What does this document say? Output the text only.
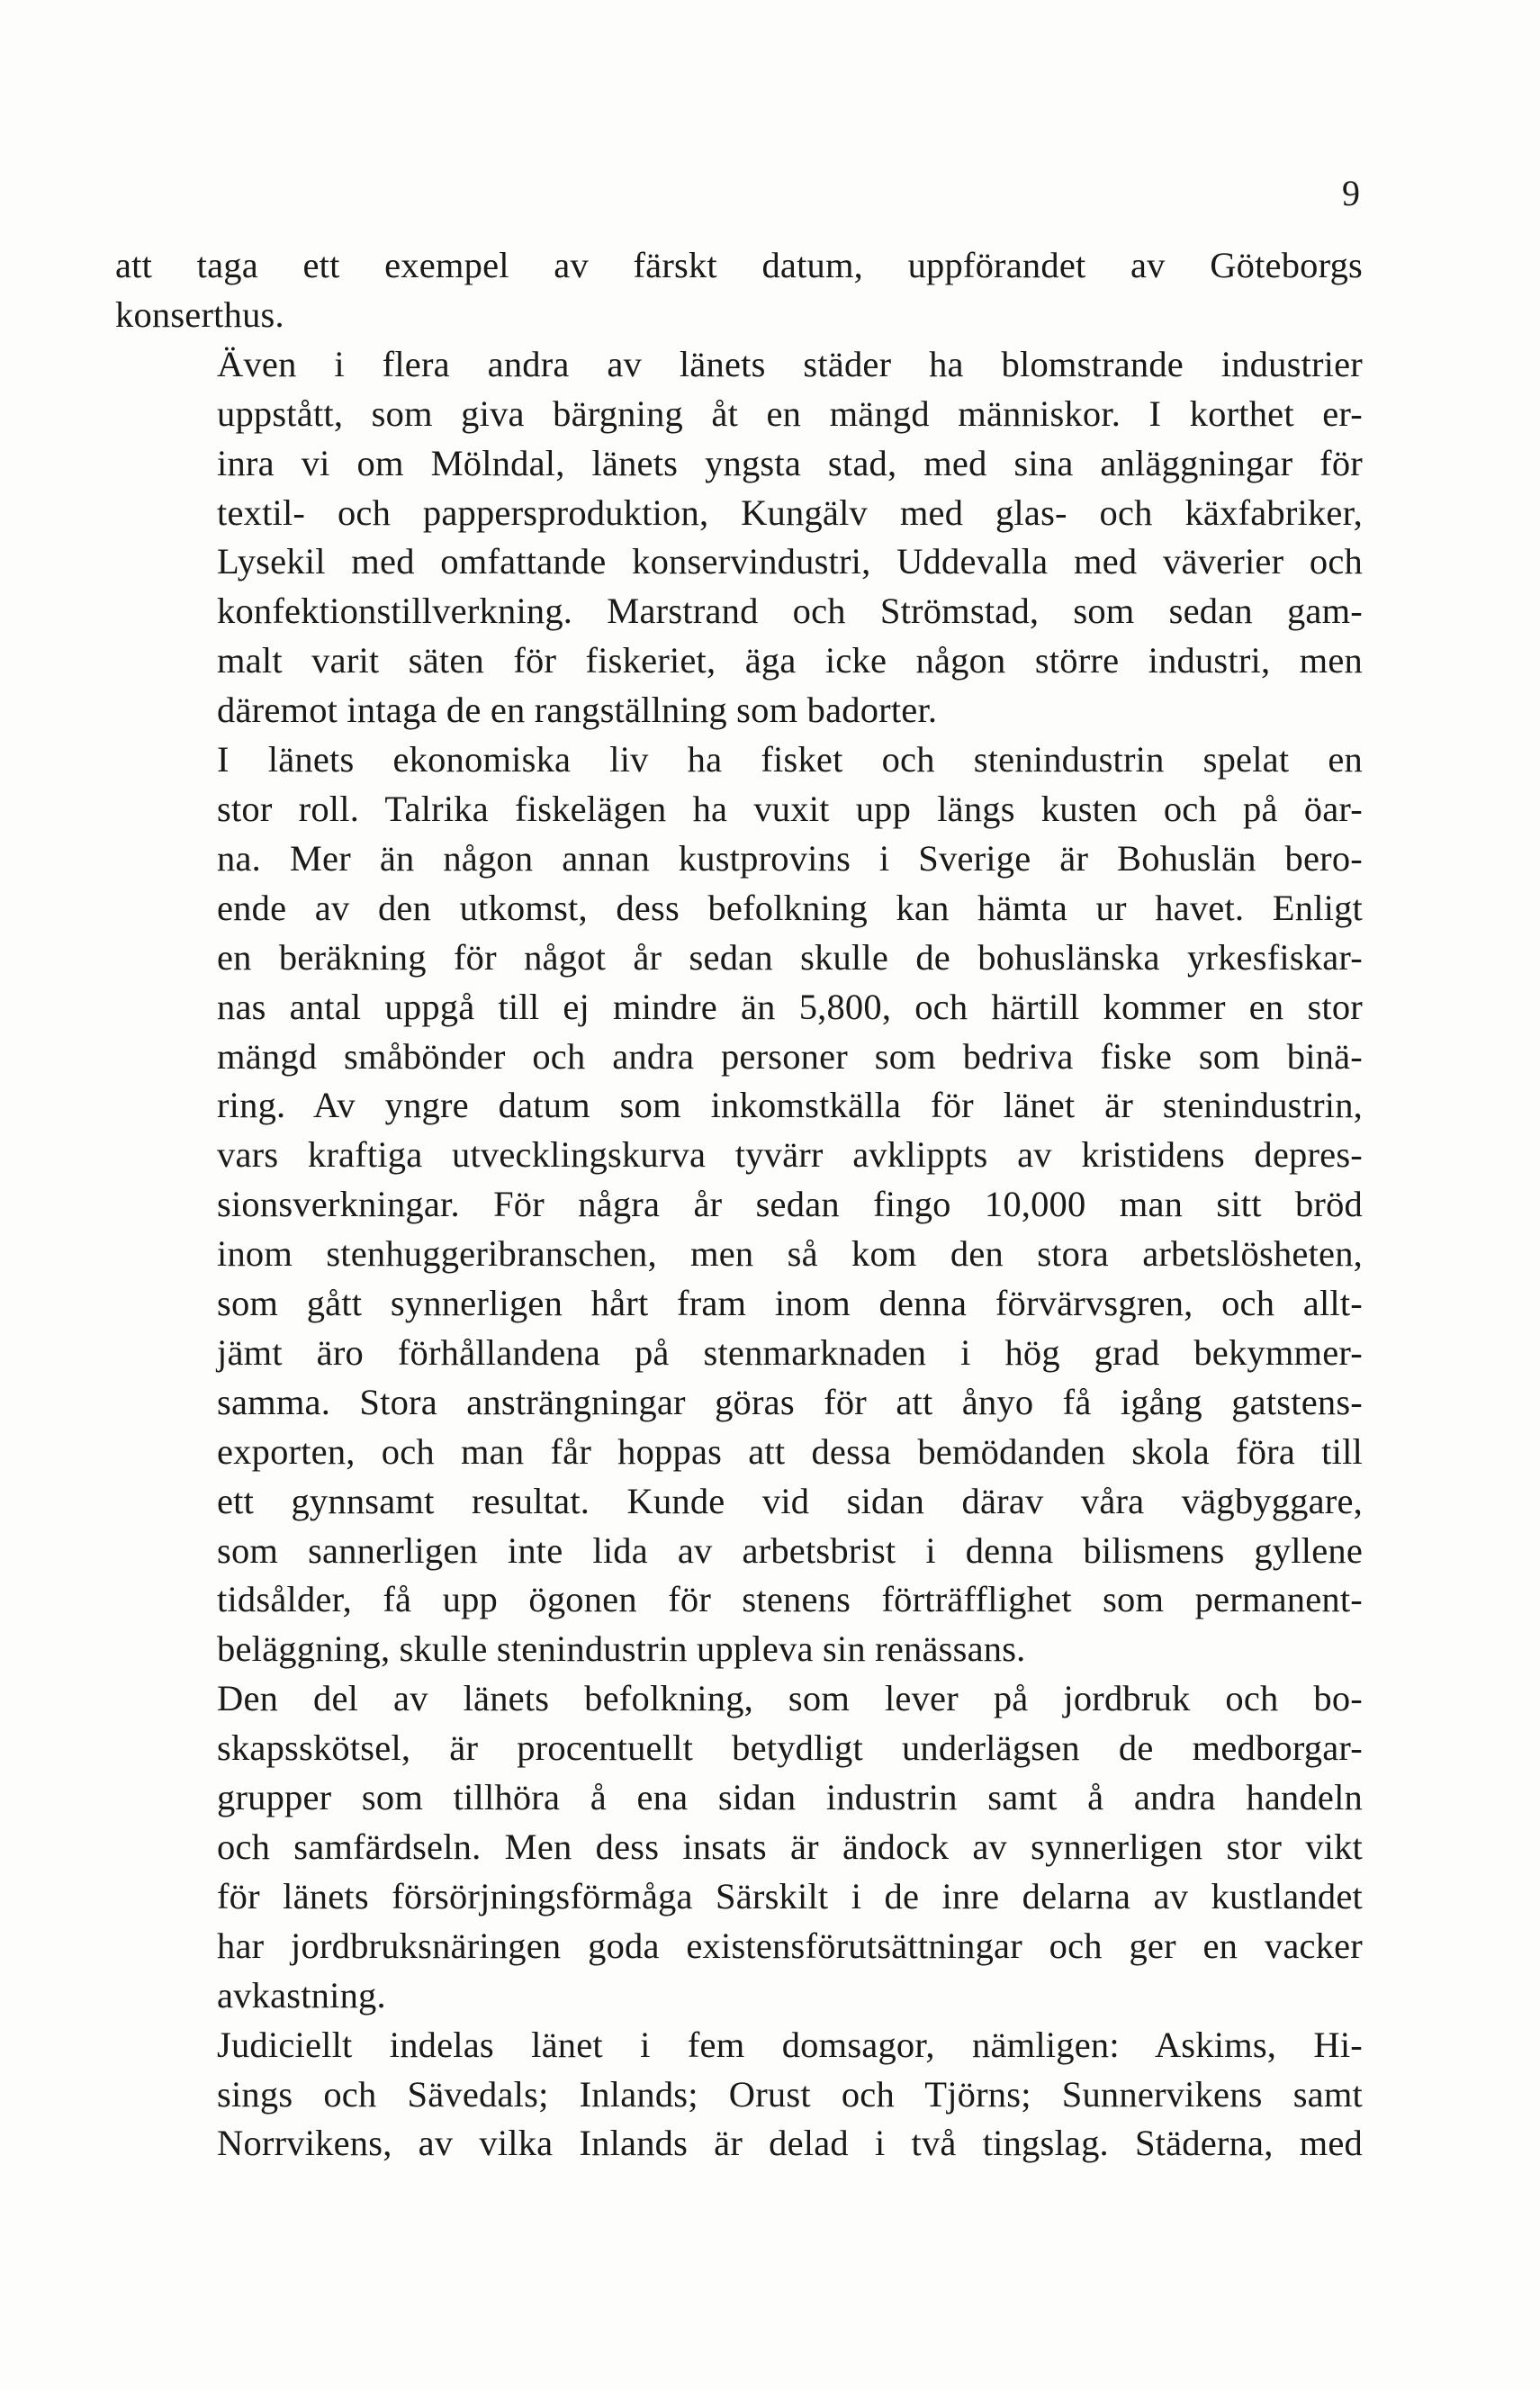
9

att taga ett exempel av färskt datum, uppförandet av Göteborgs
konserthus.

Även i flera andra av länets städer ha blomstrande industrier
uppstått, som giva bärgning åt en mängd människor. I korthet er-
inra vi om Mölndal, länets yngsta stad, med sina anläggningar för
textil- och pappersproduktion, Kungälv med glas- och käxfabriker,
Lysekil med omfattande konservindustri, Uddevalla med väverier och
konfektionstillverkning. Marstrand och Strömstad, som sedan gam-
malt varit säten för fiskeriet, äga icke någon större industri, men
däremot intaga de en rangställning som badorter.

I länets ekonomiska liv ha fisket och stenindustrin spelat en
stor roll. Talrika fiskelägen ha vuxit upp längs kusten och på öar-
na. Mer än någon annan kustprovins i Sverige är Bohuslän bero-
ende av den utkomst, dess befolkning kan hämta ur havet. Enligt
en beräkning för något år sedan skulle de bohuslänska yrkesfiskar-
nas antal uppgå till ej mindre än 5,800, och härtill kommer en stor
mängd småbönder och andra personer som bedriva fiske som binä-
ring. Av yngre datum som inkomstkälla för länet är stenindustrin,
vars kraftiga utvecklingskurva tyvärr avklippts av kristidens depres-
sionsverkningar. För några år sedan fingo 10,000 man sitt bröd
inom stenhuggeribranschen, men så kom den stora arbetslösheten,
som gått synnerligen hårt fram inom denna förvärvsgren, och allt-
jämt äro förhållandena på stenmarknaden i hög grad bekymmer-
samma. Stora ansträngningar göras för att ånyo få igång gatstens-
exporten, och man får hoppas att dessa bemödanden skola föra till
ett gynnsamt resultat. Kunde vid sidan därav våra vägbyggare,
som sannerligen inte lida av arbetsbrist i denna bilismens gyllene
tidsålder, få upp ögonen för stenens förträfflighet som permanent-
beläggning, skulle stenindustrin uppleva sin renässans.

Den del av länets befolkning, som lever på jordbruk och bo-
skapsskötsel, är procentuellt betydligt underlägsen de medborgar-
grupper som tillhöra å ena sidan industrin samt å andra handeln
och samfärdseln. Men dess insats är ändock av synnerligen stor vikt
för länets försörjningsförmåga Särskilt i de inre delarna av kustlandet
har jordbruksnäringen goda existensförutsättningar och ger en vacker
avkastning.

Judiciellt indelas länet i fem domsagor, nämligen: Askims, Hi-
sings och Sävedals; Inlands; Orust och Tjörns; Sunnervikens samt
Norrvikens, av vilka Inlands är delad i två tingslag. Städerna, med
